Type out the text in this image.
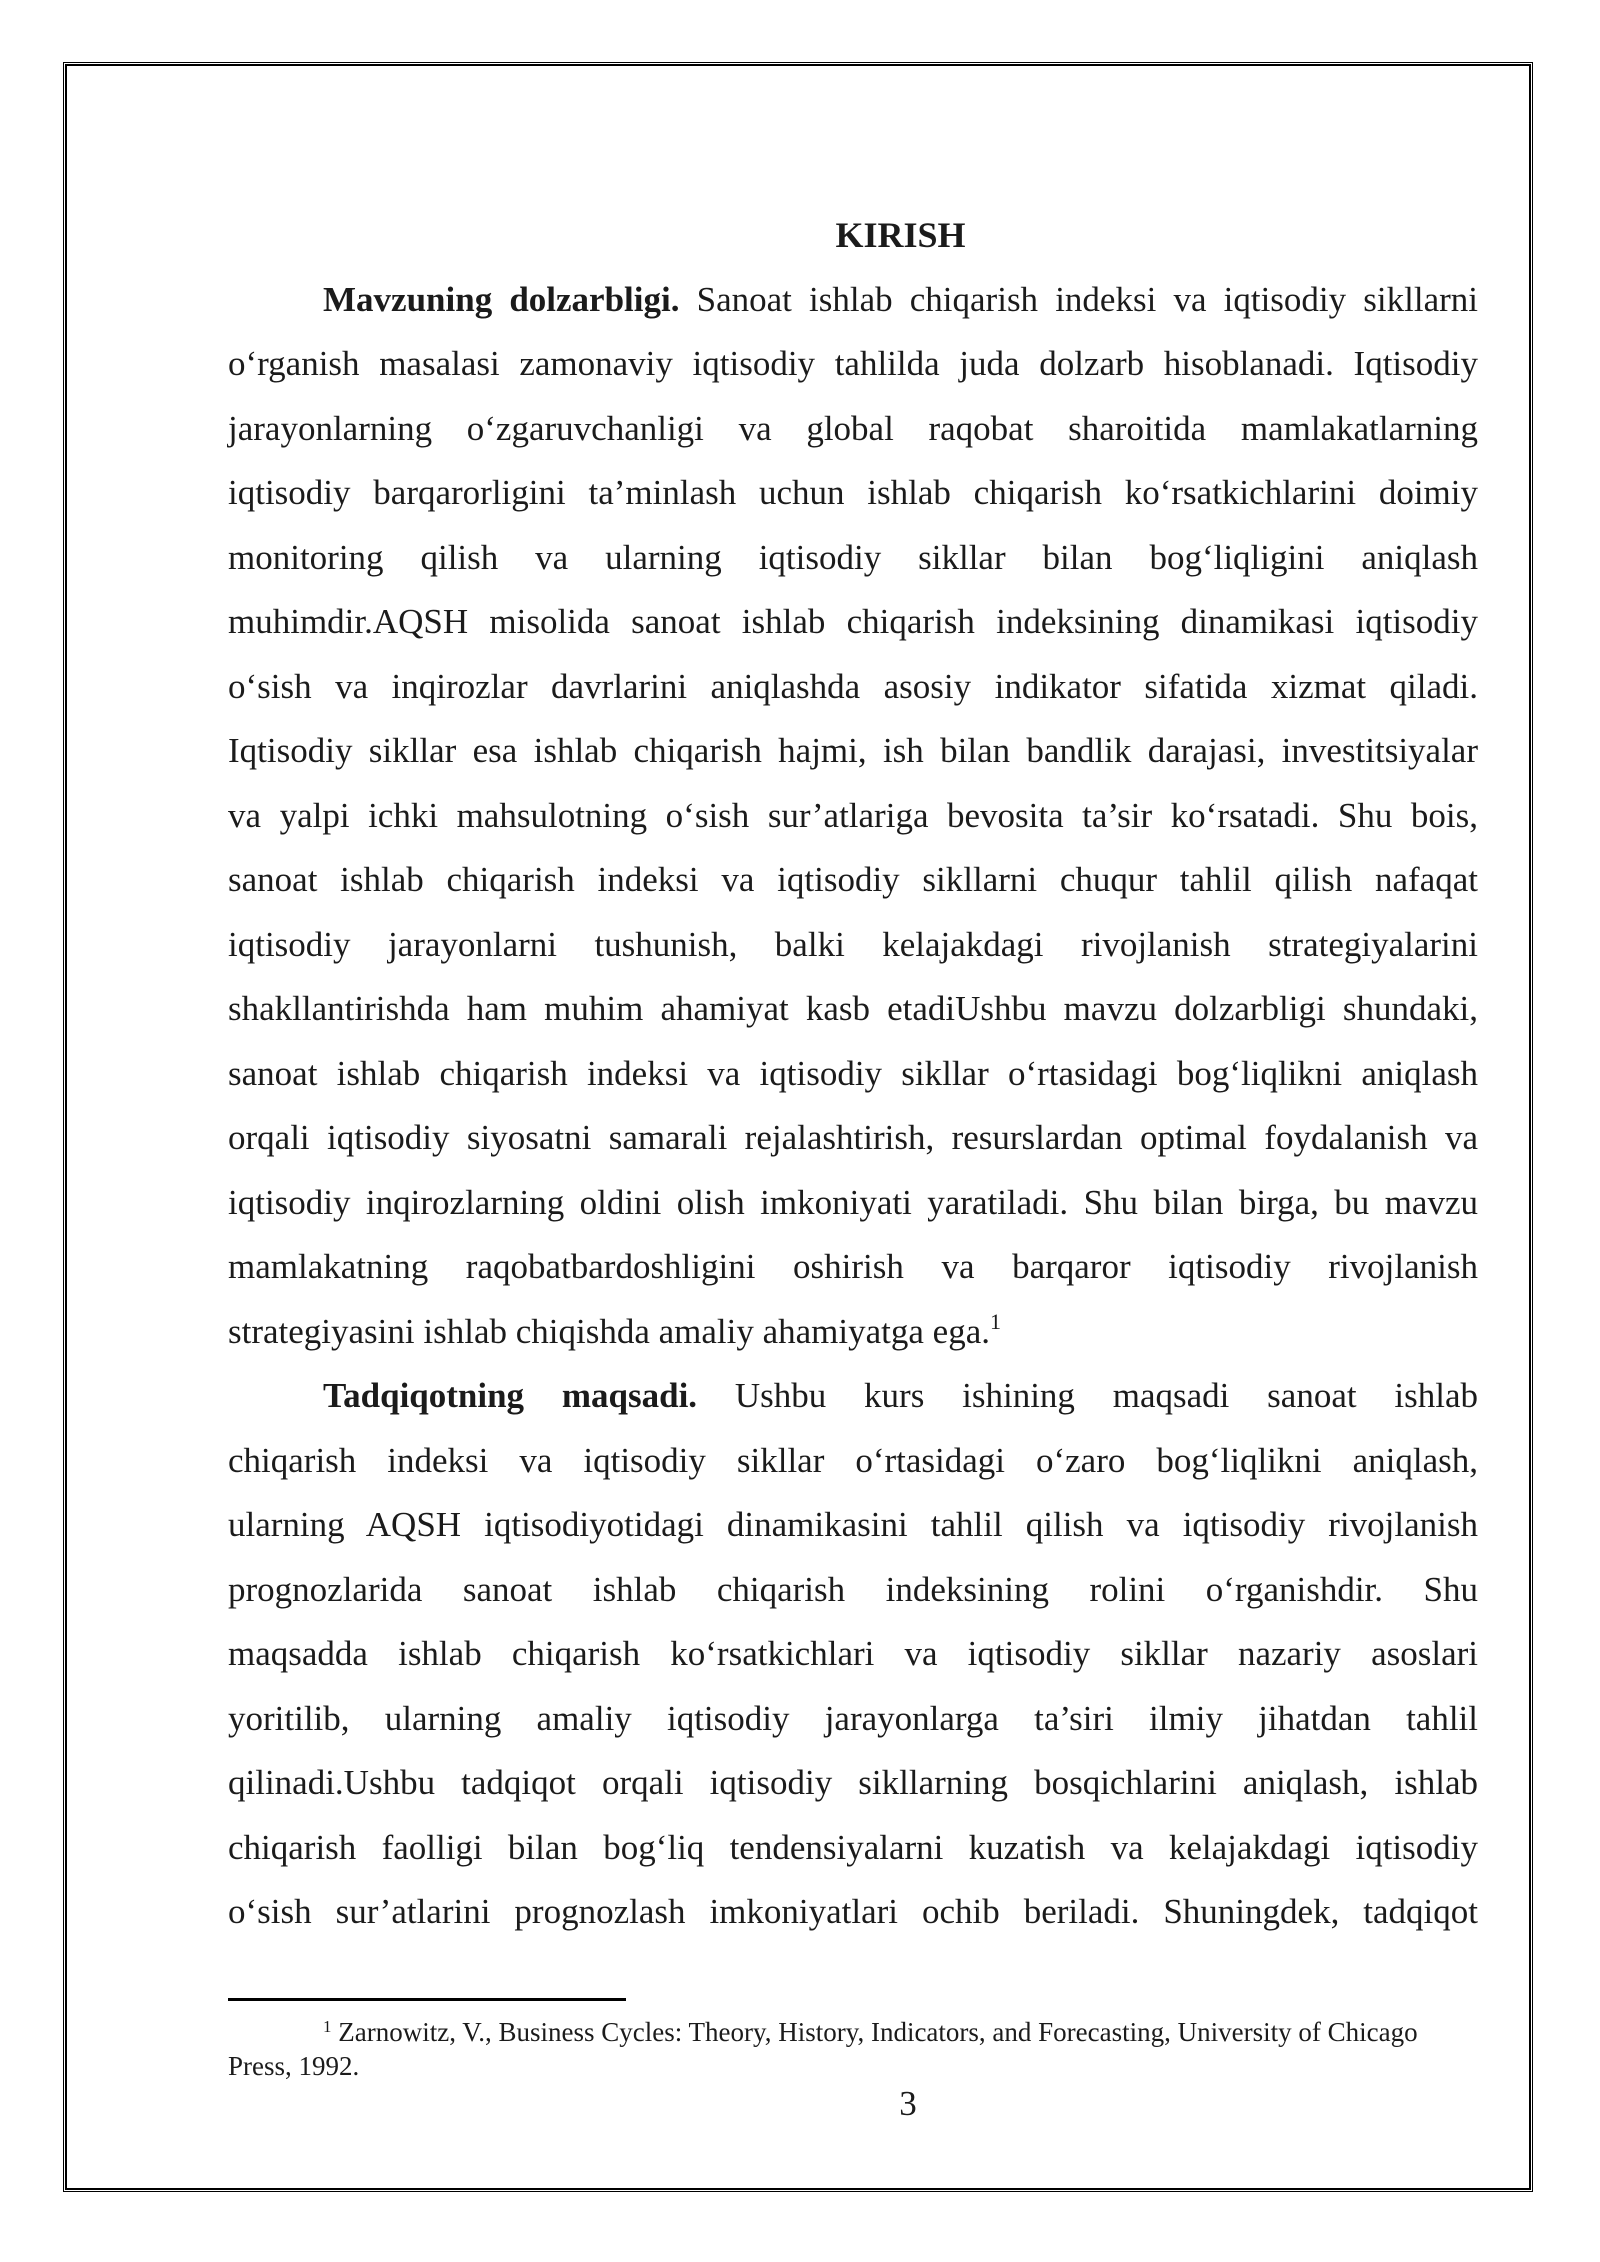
KIRISH
Mavzuning dolzarbligi. Sanoat ishlab chiqarish indeksi va iqtisodiy sikllarni
o‘rganish masalasi zamonaviy iqtisodiy tahlilda juda dolzarb hisoblanadi. Iqtisodiy
jarayonlarning o‘zgaruvchanligi va global raqobat sharoitida mamlakatlarning
iqtisodiy barqarorligini ta’minlash uchun ishlab chiqarish ko‘rsatkichlarini doimiy
monitoring qilish va ularning iqtisodiy sikllar bilan bog‘liqligini aniqlash
muhimdir.AQSH misolida sanoat ishlab chiqarish indeksining dinamikasi iqtisodiy
o‘sish va inqirozlar davrlarini aniqlashda asosiy indikator sifatida xizmat qiladi.
Iqtisodiy sikllar esa ishlab chiqarish hajmi, ish bilan bandlik darajasi, investitsiyalar
va yalpi ichki mahsulotning o‘sish sur’atlariga bevosita ta’sir ko‘rsatadi. Shu bois,
sanoat ishlab chiqarish indeksi va iqtisodiy sikllarni chuqur tahlil qilish nafaqat
iqtisodiy jarayonlarni tushunish, balki kelajakdagi rivojlanish strategiyalarini
shakllantirishda ham muhim ahamiyat kasb etadiUshbu mavzu dolzarbligi shundaki,
sanoat ishlab chiqarish indeksi va iqtisodiy sikllar o‘rtasidagi bog‘liqlikni aniqlash
orqali iqtisodiy siyosatni samarali rejalashtirish, resurslardan optimal foydalanish va
iqtisodiy inqirozlarning oldini olish imkoniyati yaratiladi. Shu bilan birga, bu mavzu
mamlakatning raqobatbardoshligini oshirish va barqaror iqtisodiy rivojlanish
strategiyasini ishlab chiqishda amaliy ahamiyatga ega.$^1$
Tadqiqotning maqsadi. Ushbu kurs ishining maqsadi sanoat ishlab
chiqarish indeksi va iqtisodiy sikllar o‘rtasidagi o‘zaro bog‘liqlikni aniqlash,
ularning AQSH iqtisodiyotidagi dinamikasini tahlil qilish va iqtisodiy rivojlanish
prognozlarida sanoat ishlab chiqarish indeksining rolini o‘rganishdir. Shu
maqsadda ishlab chiqarish ko‘rsatkichlari va iqtisodiy sikllar nazariy asoslari
yoritilib, ularning amaliy iqtisodiy jarayonlarga ta’siri ilmiy jihatdan tahlil
qilinadi.Ushbu tadqiqot orqali iqtisodiy sikllarning bosqichlarini aniqlash, ishlab
chiqarish faolligi bilan bog‘liq tendensiyalarni kuzatish va kelajakdagi iqtisodiy
o‘sish sur’atlarini prognozlash imkoniyatlari ochib beriladi. Shuningdek, tadqiqot
$^1$ Zarnowitz, V., Business Cycles: Theory, History, Indicators, and Forecasting, University of Chicago
Press, 1992.
3
